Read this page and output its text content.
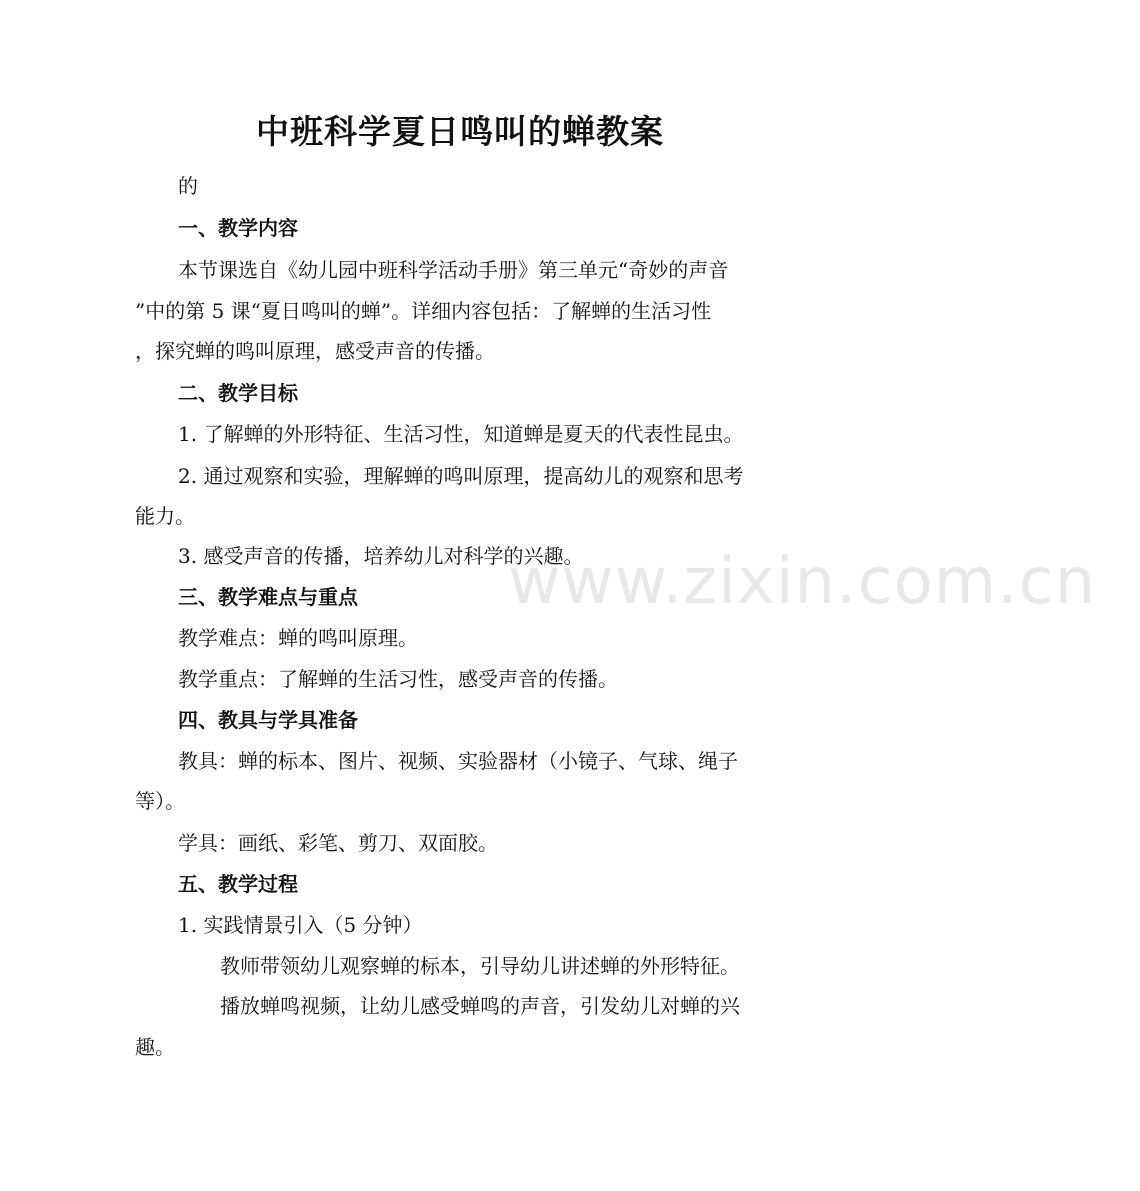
中班科学夏日鸣叫的蝉教案

的

一、教学内容

本节课选自《幼儿园中班科学活动手册》第三单元“奇妙的声音

”中的第 5 课“夏日鸣叫的蝉”。详细内容包括：了解蝉的生活习性

，探究蝉的鸣叫原理，感受声音的传播。

二、教学目标

1. 了解蝉的外形特征、生活习性，知道蝉是夏天的代表性昆虫。

2. 通过观察和实验，理解蝉的鸣叫原理，提高幼儿的观察和思考

能力。

3. 感受声音的传播，培养幼儿对科学的兴趣。

三、教学难点与重点

教学难点：蝉的鸣叫原理。

教学重点：了解蝉的生活习性，感受声音的传播。

四、教具与学具准备

教具：蝉的标本、图片、视频、实验器材（小镜子、气球、绳子

等）。

学具：画纸、彩笔、剪刀、双面胶。

五、教学过程

1. 实践情景引入（5 分钟）

教师带领幼儿观察蝉的标本，引导幼儿讲述蝉的外形特征。

播放蝉鸣视频，让幼儿感受蝉鸣的声音，引发幼儿对蝉的兴

趣。

www.zixin.com.cn
